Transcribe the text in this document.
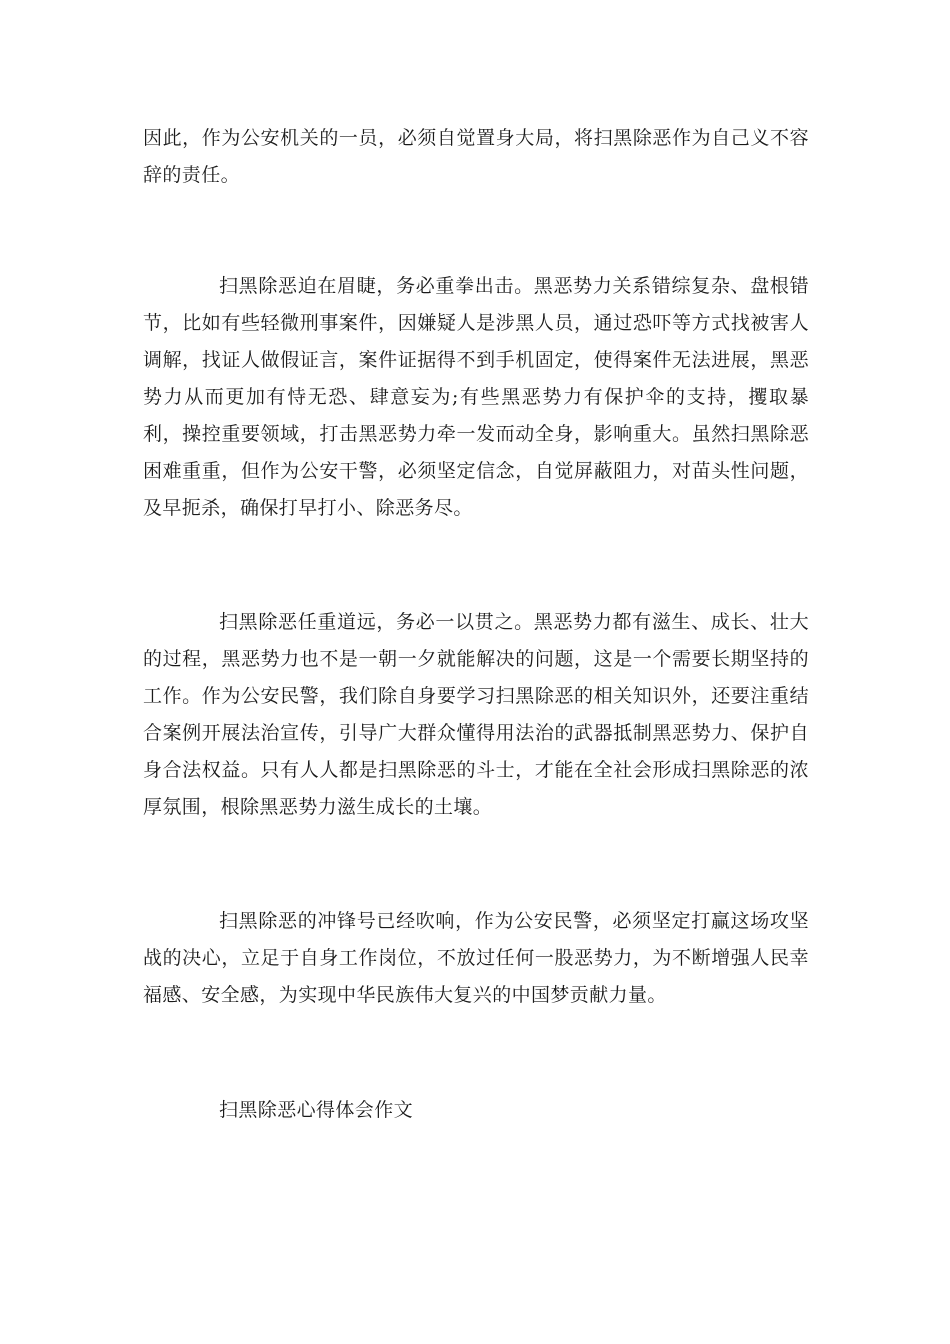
因此，作为公安机关的一员，必须自觉置身大局，将扫黑除恶作为自己义不容辞的责任。

扫黑除恶迫在眉睫，务必重拳出击。黑恶势力关系错综复杂、盘根错节，比如有些轻微刑事案件，因嫌疑人是涉黑人员，通过恐吓等方式找被害人调解，找证人做假证言，案件证据得不到手机固定，使得案件无法进展，黑恶势力从而更加有恃无恐、肆意妄为;有些黑恶势力有保护伞的支持，攫取暴利，操控重要领域，打击黑恶势力牵一发而动全身，影响重大。虽然扫黑除恶困难重重，但作为公安干警，必须坚定信念，自觉屏蔽阻力，对苗头性问题，及早扼杀，确保打早打小、除恶务尽。

扫黑除恶任重道远，务必一以贯之。黑恶势力都有滋生、成长、壮大的过程，黑恶势力也不是一朝一夕就能解决的问题，这是一个需要长期坚持的工作。作为公安民警，我们除自身要学习扫黑除恶的相关知识外，还要注重结合案例开展法治宣传，引导广大群众懂得用法治的武器抵制黑恶势力、保护自身合法权益。只有人人都是扫黑除恶的斗士，才能在全社会形成扫黑除恶的浓厚氛围，根除黑恶势力滋生成长的土壤。

扫黑除恶的冲锋号已经吹响，作为公安民警，必须坚定打赢这场攻坚战的决心，立足于自身工作岗位，不放过任何一股恶势力，为不断增强人民幸福感、安全感，为实现中华民族伟大复兴的中国梦贡献力量。

扫黑除恶心得体会作文
